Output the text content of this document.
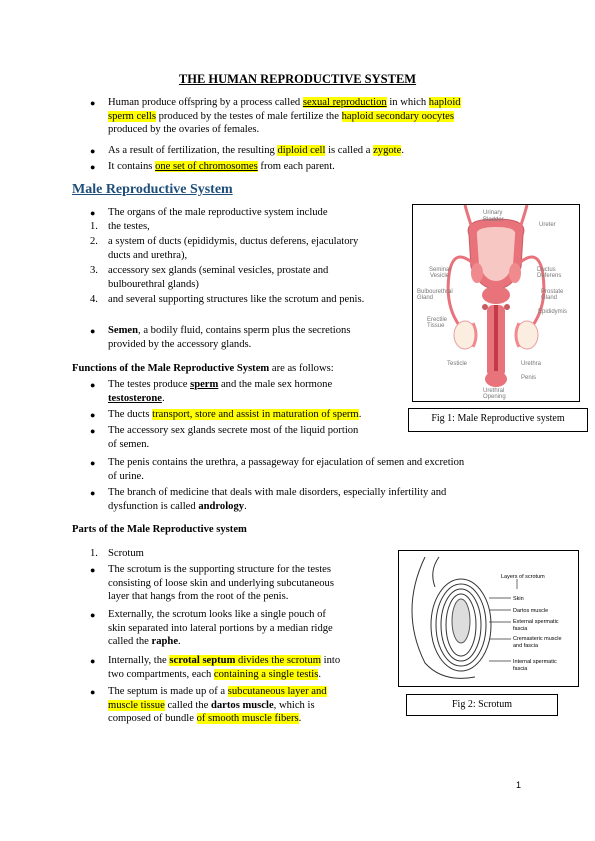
THE HUMAN REPRODUCTIVE SYSTEM
● Human produce offspring by a process called sexual reproduction in which haploid
sperm cells produced by the testes of male fertilize the haploid secondary oocytes
produced by the ovaries of females.
● As a result of fertilization, the resulting diploid cell is called a zygote.
● It contains one set of chromosomes from each parent.
Male Reproductive System
● The organs of the male reproductive system include
1. the testes,
2. a system of ducts (epididymis, ductus deferens, ejaculatory
ducts and urethra),
3. accessory sex glands (seminal vesicles, prostate and
bulbourethral glands)
4. and several supporting structures like the scrotum and penis.
● Semen, a bodily fluid, contains sperm plus the secretions
provided by the accessory glands.
Functions of the Male Reproductive System are as follows:
● The testes produce sperm and the male sex hormone
testosterone.
● The ducts transport, store and assist in maturation of sperm.
● The accessory sex glands secrete most of the liquid portion
of semen.
● The penis contains the urethra, a passageway for ejaculation of semen and excretion
of urine.
● The branch of medicine that deals with male disorders, especially infertility and
dysfunction is called andrology.
Parts of the Male Reproductive system
1. Scrotum
● The scrotum is the supporting structure for the testes
consisting of loose skin and underlying subcutaneous
layer that hangs from the root of the penis.
● Externally, the scrotum looks like a single pouch of
skin separated into lateral portions by a median ridge
called the raphe.
● Internally, the scrotal septum divides the scrotum into
two compartments, each containing a single testis.
● The septum is made up of a subcutaneous layer and
muscle tissue called the dartos muscle, which is
composed of bundle of smooth muscle fibers.
Urinary
Bladder
Ureter
Seminal
Vesicle
Ductus
Deferens
Bulbourethral
Gland
Prostate
Gland
Epididymis
Erectile
Tissue
Testicle	Urethra
Penis
Urethral
Opening
Fig 1: Male Reproductive system
Layers of scrotum
Skin
Dartos muscle
External spermatic
fascia
Cremasteric muscle
and fascia
Internal spermatic
fascia
Fig 2: Scrotum
1
